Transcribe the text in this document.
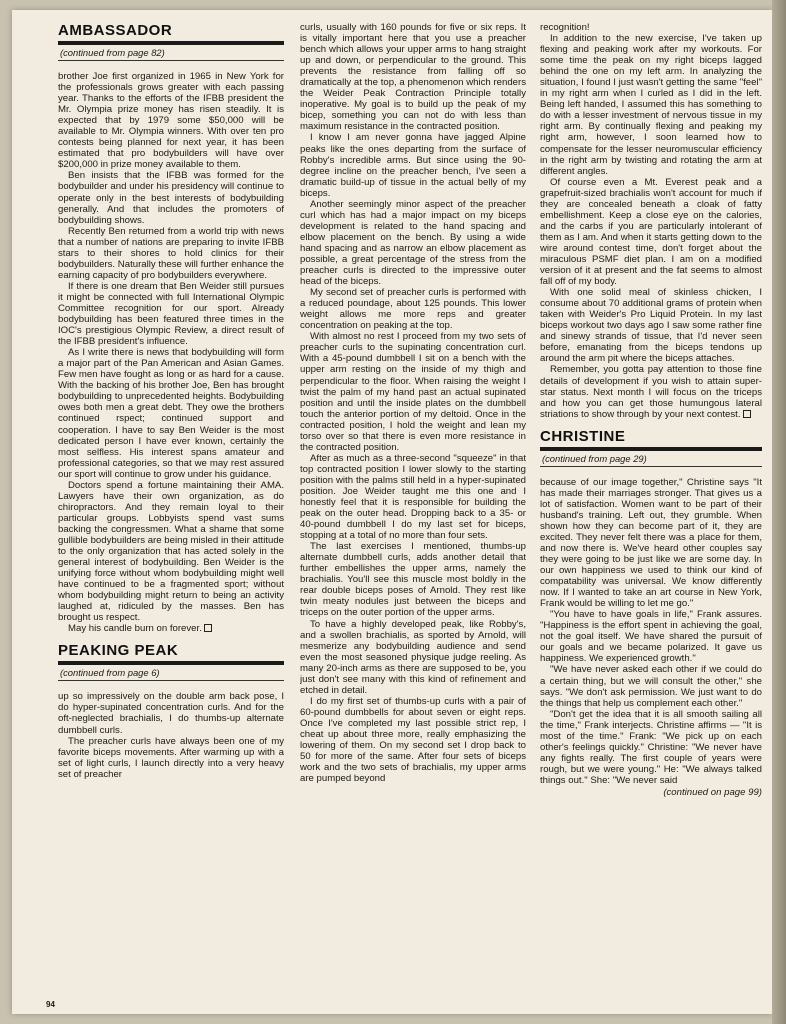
AMBASSADOR
(continued from page 82)

brother Joe first organized in 1965 in New York for the professionals grows greater with each passing year. Thanks to the efforts of the IFBB president the Mr. Olympia prize money has risen steadily. It is expected that by 1979 some $50,000 will be available to Mr. Olympia winners. With over ten pro contests being planned for next year, it has been estimated that pro bodybuilders will have over $200,000 in prize money available to them.

Ben insists that the IFBB was formed for the bodybuilder and under his presidency will continue to operate only in the best interests of bodybuilding generally. And that includes the promoters of bodybuilding shows.

Recently Ben returned from a world trip with news that a number of nations are preparing to invite IFBB stars to their shores to hold clinics for their bodybuilders. Naturally these will further enhance the earning capacity of pro bodybuilders everywhere.

If there is one dream that Ben Weider still pursues it might be connected with full International Olympic Committee recognition for our sport. Already bodybuilding has been featured three times in the IOC's prestigious Olympic Review, a direct result of the IFBB president's influence.

As I write there is news that bodybuilding will form a major part of the Pan American and Asian Games. Few men have fought as long or as hard for a cause. With the backing of his brother Joe, Ben has brought bodybuilding to unprecedented heights. Bodybuilding owes both men a great debt. They owe the brothers continued rspect; continued support and cooperation. I have to say Ben Weider is the most dedicated person I have ever known, certainly the most selfless. His interest spans amateur and professional categories, so that we may rest assured our sport will continue to grow under his guidance.

Doctors spend a fortune maintaining their AMA. Lawyers have their own organization, as do chiropractors. And they remain loyal to their particular groups. Lobbyists spend vast sums backing the congressmen. What a shame that some gullible bodybuilders are being misled in their attitude to the only organization that has acted solely in the general interest of bodybuilding. Ben Weider is the unifying force without whom bodybuilding might well have continued to be a fragmented sport; without whom bodybuilding might return to being an activity laughed at, ridiculed by the masses. Ben has brought us respect.

May his candle burn on forever.

PEAKING PEAK
(continued from page 6)

up so impressively on the double arm back pose, I do hyper-supinated concentration curls. And for the oft-neglected brachialis, I do thumbs-up alternate dumbbell curls.

The preacher curls have always been one of my favorite biceps movements. After warming up with a set of light curls, I launch directly into a very heavy set of preacher

curls, usually with 160 pounds for five or six reps. It is vitally important here that you use a preacher bench which allows your upper arms to hang straight up and down, or perpendicular to the ground. This prevents the resistance from falling off so dramatically at the top, a phenomenon which renders the Weider Peak Contraction Principle totally inoperative. My goal is to build up the peak of my bicep, something you can not do with less than maximum resistance in the contracted position.

I know I am never gonna have jagged Alpine peaks like the ones departing from the surface of Robby's incredible arms. But since using the 90-degree incline on the preacher bench, I've seen a dramatic build-up of tissue in the actual belly of my biceps.

Another seemingly minor aspect of the preacher curl which has had a major impact on my biceps development is related to the hand spacing and elbow placement on the bench. By using a wide hand spacing and as narrow an elbow placement as possible, a great percentage of the stress from the preacher curls is directed to the impressive outer head of the biceps.

My second set of preacher curls is performed with a reduced poundage, about 125 pounds. This lower weight allows me more reps and greater concentration on peaking at the top.

With almost no rest I proceed from my two sets of preacher curls to the supinating concentration curl. With a 45-pound dumbbell I sit on a bench with the upper arm resting on the inside of my thigh and perpendicular to the floor. When raising the weight I twist the palm of my hand past an actual supinated position and until the inside plates on the dumbbell touch the anterior portion of my deltoid. Once in the contracted position, I hold the weight and lean my torso over so that there is even more resistance in the contracted position.

After as much as a three-second "squeeze" in that top contracted position I lower slowly to the starting position with the palms still held in a hyper-supinated position. Joe Weider taught me this one and I honestly feel that it is responsible for building the peak on the outer head. Dropping back to a 35- or 40-pound dumbbell I do my last set for biceps, stopping at a total of no more than four sets.

The last exercises I mentioned, thumbs-up alternate dumbbell curls, adds another detail that further embellishes the upper arms, namely the brachialis. You'll see this muscle most boldly in the rear double biceps poses of Arnold. They rest like twin meaty nodules just between the biceps and triceps on the outer portion of the upper arms.

To have a highly developed peak, like Robby's, and a swollen brachialis, as sported by Arnold, will mesmerize any bodybuilding audience and send even the most seasoned physique judge reeling. As many 20-inch arms as there are supposed to be, you just don't see many with this kind of refinement and etched in detail.

I do my first set of thumbs-up curls with a pair of 60-pound dumbbells for about seven or eight reps. Once I've completed my last possible strict rep, I cheat up about three more, really emphasizing the lowering of them. On my second set I drop back to 50 for more of the same. After four sets of biceps work and the two sets of brachialis, my upper arms are pumped beyond

recognition!

In addition to the new exercise, I've taken up flexing and peaking work after my workouts. For some time the peak on my right biceps lagged behind the one on my left arm. In analyzing the situation, I found I just wasn't getting the same "feel" in my right arm when I curled as I did in the left. Being left handed, I assumed this has something to do with a lesser investment of nervous tissue in my right arm. By continually flexing and peaking my right arm, however, I soon learned how to compensate for the lesser neuromuscular efficiency in the right arm by twisting and rotating the arm at different angles.

Of course even a Mt. Everest peak and a grapefruit-sized brachialis won't account for much if they are concealed beneath a cloak of fatty embellishment. Keep a close eye on the calories, and the carbs if you are particularly intolerant of them as I am. And when it starts getting down to the wire around contest time, don't forget about the miraculous PSMF diet plan. I am on a modified version of it at present and the fat seems to almost fall off of my body.

With one solid meal of skinless chicken, I consume about 70 additional grams of protein when taken with Weider's Pro Liquid Protein. In my last biceps workout two days ago I saw some rather fine and sinewy strands of tissue, that I'd never seen before, emanating from the biceps tendons up around the arm pit where the biceps attaches.

Remember, you gotta pay attention to those fine details of development if you wish to attain super-star status. Next month I will focus on the triceps and how you can get those humungous lateral striations to show through by your next contest.

CHRISTINE
(continued from page 29)

because of our image together," Christine says "It has made their marriages stronger. That gives us a lot of satisfaction. Women want to be part of their husband's training. Left out, they grumble. When shown how they can become part of it, they are excited. They never felt there was a place for them, and now there is. We've heard other couples say they were going to be just like we are some day. In our own happiness we used to think our kind of compatability was universal. We know differently now. If I wanted to take an art course in New York, Frank would be willing to let me go."

"You have to have goals in life," Frank assures. "Happiness is the effort spent in achieving the goal, not the goal itself. We have shared the pursuit of our goals and we became polarized. It gave us happiness. We experienced growth."

"We have never asked each other if we could do a certain thing, but we will consult the other," she says. "We don't ask permission. We just want to do the things that help us complement each other."

"Don't get the idea that it is all smooth sailing all the time," Frank interjects. Christine affirms — "It is most of the time." Frank: "We pick up on each other's feelings quickly." Christine: "We never have any fights really. The first couple of years were rough, but we were young." He: "We always talked things out." She: "We never said

(continued on page 99)
94
